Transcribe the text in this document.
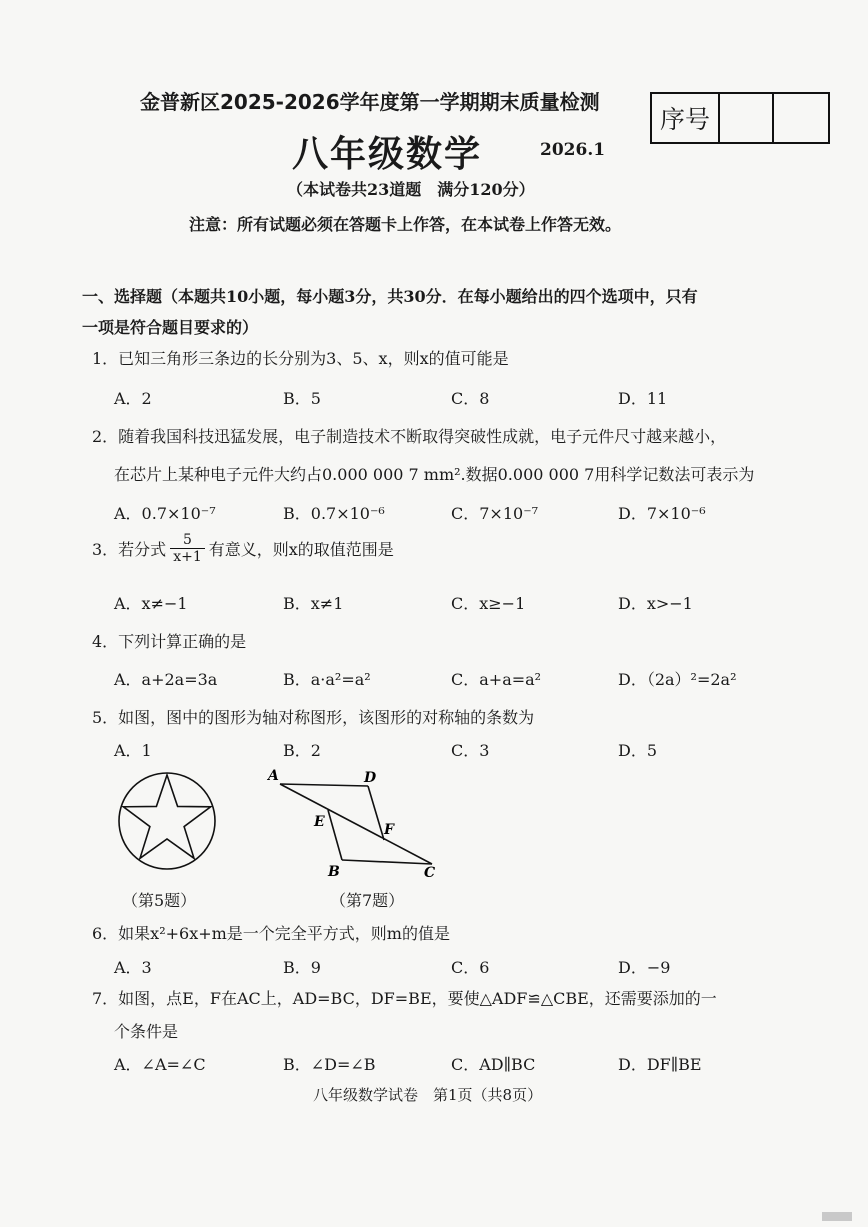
金普新区2025-2026学年度第一学期期末质量检测
序号
八年级数学	2026.1
（本试卷共23道题　满分120分）
注意：所有试题必须在答题卡上作答，在本试卷上作答无效。
一、选择题（本题共10小题，每小题3分，共30分．在每小题给出的四个选项中，只有
一项是符合题目要求的）
1．已知三角形三条边的长分别为3、5、x，则x的值可能是
A．2	B．5	C．8	D．11
2．随着我国科技迅猛发展，电子制造技术不断取得突破性成就，电子元件尺寸越来越小，
在芯片上某种电子元件大约占0.000 000 7 mm².数据0.000 000 7用科学记数法可表示为
A．0.7×10⁻⁷	B．0.7×10⁻⁶	C．7×10⁻⁷	D．7×10⁻⁶
3．若分式 $\frac{5}{x+1}$ 有意义，则x的取值范围是
A．x≠−1	B．x≠1	C．x≥−1	D．x>−1
4．下列计算正确的是
A．a+2a=3a	B．a·a²=a²	C．a+a=a²	D．（2a）²=2a²
5．如图，图中的图形为轴对称图形，该图形的对称轴的条数为
A．1	B．2	C．3	D．5
（第5题）
A	D
E	F
B	C
（第7题）
6．如果x²+6x+m是一个完全平方式，则m的值是
A．3	B．9	C．6	D．−9
7．如图，点E，F在AC上，AD=BC，DF=BE，要使△ADF≌△CBE，还需要添加的一
个条件是
A．∠A=∠C	B．∠D=∠B	C．AD∥BC	D．DF∥BE
八年级数学试卷　第1页（共8页）
